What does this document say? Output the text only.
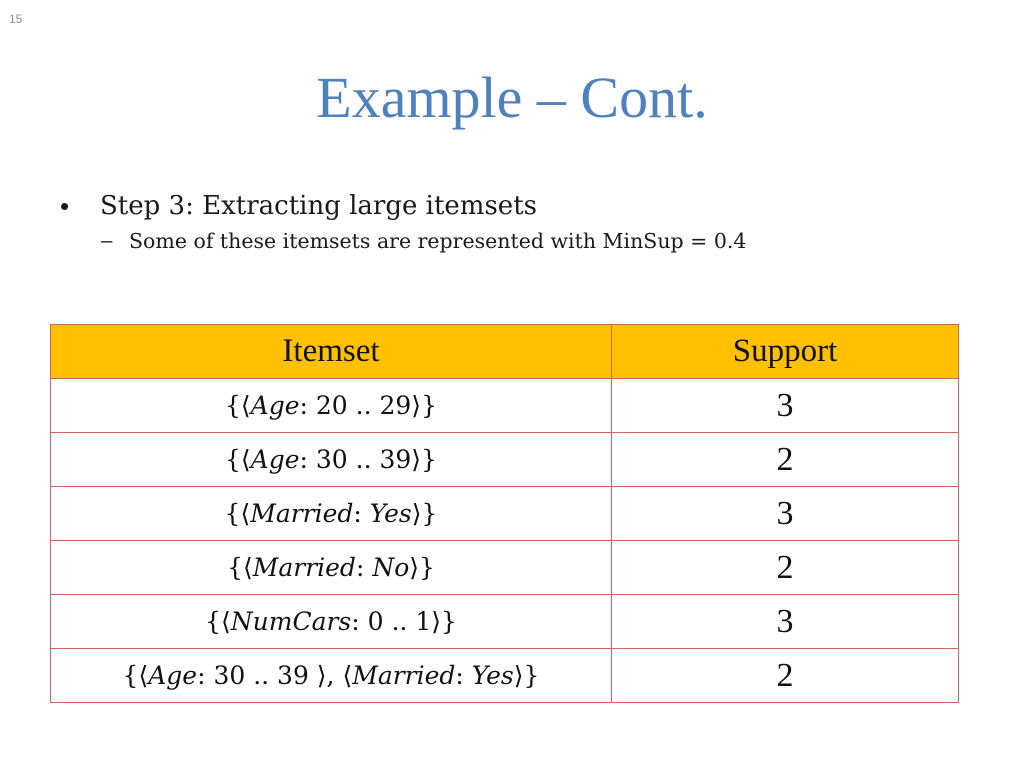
15
Example – Cont.
• Step 3: Extracting large itemsets
– Some of these itemsets are represented with MinSup = 0.4
Itemset	Support
{⟨Age: 20 .. 29⟩}	3
{⟨Age: 30 .. 39⟩}	2
{⟨Married: Yes⟩}	3
{⟨Married: No⟩}	2
{⟨NumCars: 0 .. 1⟩}	3
{⟨Age: 30 .. 39 ⟩, ⟨Married: Yes⟩}	2
